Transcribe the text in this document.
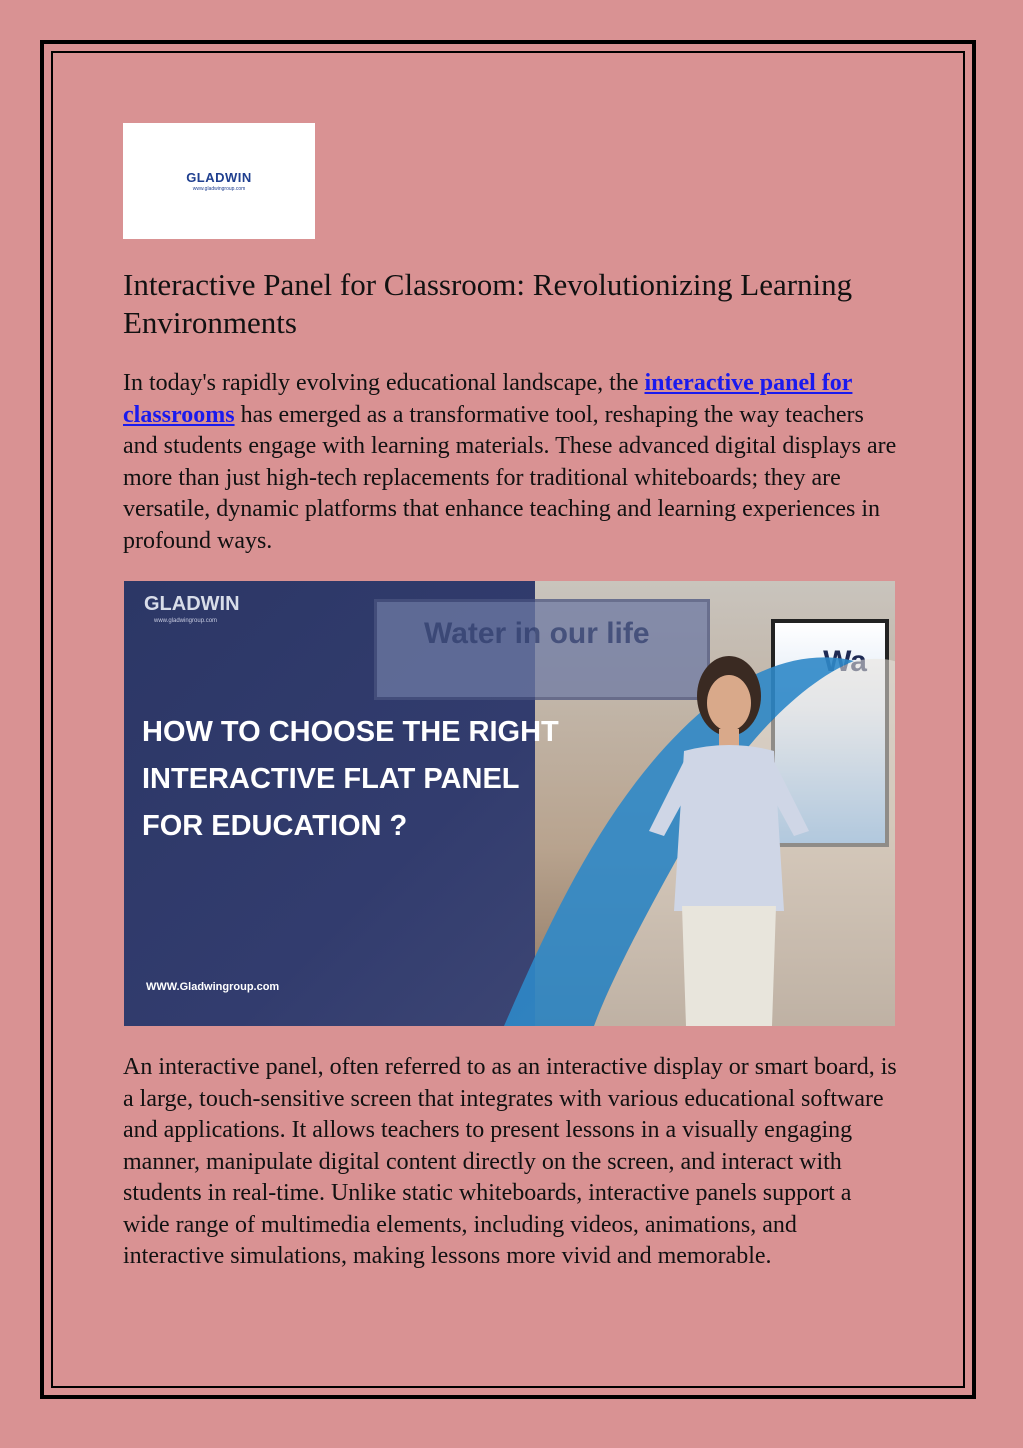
GLADWIN
www.gladwingroup.com
Interactive Panel for Classroom: Revolutionizing Learning Environments

In today's rapidly evolving educational landscape, the interactive panel for classrooms has emerged as a transformative tool, reshaping the way teachers and students engage with learning materials. These advanced digital displays are more than just high-tech replacements for traditional whiteboards; they are versatile, dynamic platforms that enhance teaching and learning experiences in profound ways.

Water in our life
GLADWIN
www.gladwingroup.com
HOW TO CHOOSE THE RIGHT
INTERACTIVE FLAT PANEL
FOR EDUCATION ?
WWW.Gladwingroup.com

An interactive panel, often referred to as an interactive display or smart board, is a large, touch-sensitive screen that integrates with various educational software and applications. It allows teachers to present lessons in a visually engaging manner, manipulate digital content directly on the screen, and interact with students in real-time. Unlike static whiteboards, interactive panels support a wide range of multimedia elements, including videos, animations, and interactive simulations, making lessons more vivid and memorable.
